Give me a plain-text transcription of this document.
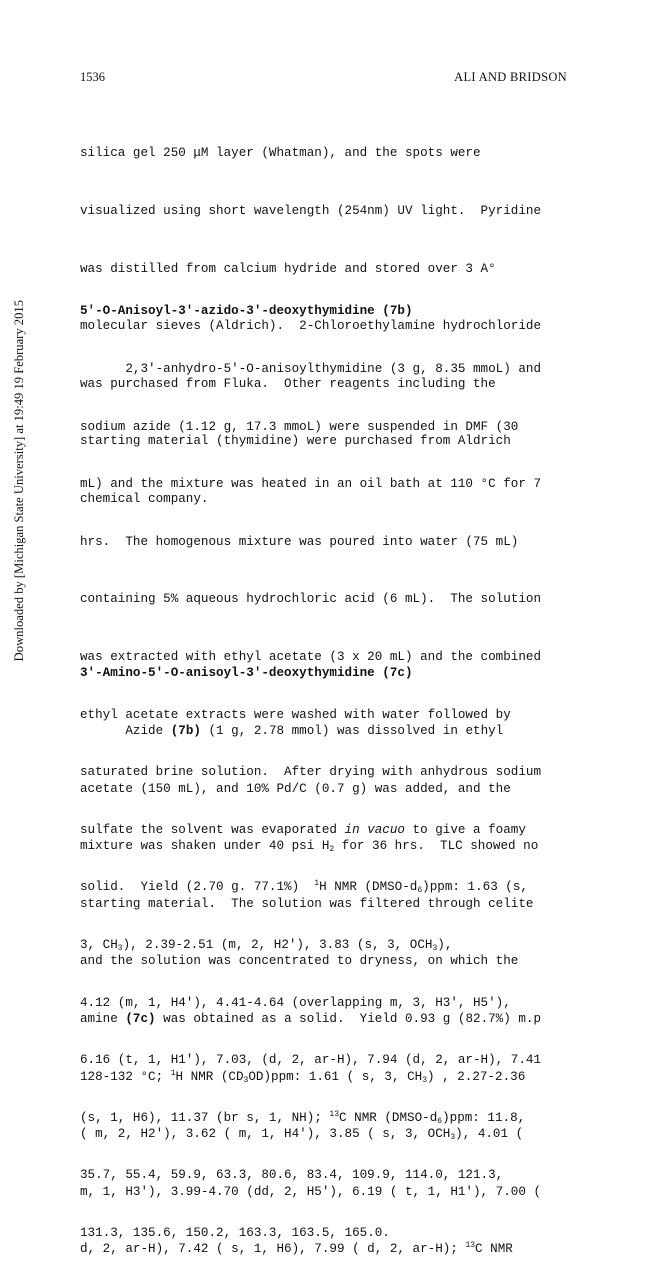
1536	ALI AND BRIDSON
Downloaded by [Michigan State University] at 19:49 19 February 2015

silica gel 250 μM layer (Whatman), and the spots were

visualized using short wavelength (254nm) UV light.  Pyridine

was distilled from calcium hydride and stored over 3 A°

molecular sieves (Aldrich).  2-Chloroethylamine hydrochloride

was purchased from Fluka.  Other reagents including the

starting material (thymidine) were purchased from Aldrich

chemical company.

5'-O-Anisoyl-3'-azido-3'-deoxythymidine (7b)

2,3'-anhydro-5'-O-anisoylthymidine (3 g, 8.35 mmoL) and

sodium azide (1.12 g, 17.3 mmoL) were suspended in DMF (30

mL) and the mixture was heated in an oil bath at 110 °C for 7

hrs.  The homogenous mixture was poured into water (75 mL)

containing 5% aqueous hydrochloric acid (6 mL).  The solution

was extracted with ethyl acetate (3 x 20 mL) and the combined

ethyl acetate extracts were washed with water followed by

saturated brine solution.  After drying with anhydrous sodium

sulfate the solvent was evaporated in vacuo to give a foamy

solid.  Yield (2.70 g. 77.1%)  $^1$H NMR $(DMSO-d_6)ppm$: 1.63 (s,

3, $CH_3$), 2.39-2.51 (m, 2, H2'), 3.83 (s, 3, $OCH_3$),

4.12 (m, 1, H4'), 4.41-4.64 (overlapping m, 3, H3', H5'),

6.16 (t, 1, H1'), 7.03, (d, 2, ar-H), 7.94 (d, 2, ar-H), 7.41

(s, 1, H6), 11.37 (br s, 1, NH); $^{13}$C NMR $(DMSO-d_6)ppm$: 11.8,

35.7, 55.4, 59.9, 63.3, 80.6, 83.4, 109.9, 114.0, 121.3,

131.3, 135.6, 150.2, 163.3, 163.5, 165.0.

3'-Amino-5'-O-anisoyl-3'-deoxythymidine (7c)

Azide (7b) (1 g, 2.78 mmol) was dissolved in ethyl

acetate (150 mL), and 10% Pd/C (0.7 g) was added, and the

mixture was shaken under 40 psi $H_2$ for 36 hrs.  TLC showed no

starting material.  The solution was filtered through celite

and the solution was concentrated to dryness, on which the

amine (7c) was obtained as a solid.  Yield 0.93 g (82.7%) m.p

128-132 °C; $^1$H NMR $(CD_3OD)ppm$: 1.61 ( s, 3, $CH_3$) , 2.27-2.36

( m, 2, H2'), 3.62 ( m, 1, H4'), 3.85 ( s, 3, $OCH_3$), 4.01 (

m, 1, H3'), 3.99-4.70 (dd, 2, H5'), 6.19 ( t, 1, H1'), 7.00 (

d, 2, ar-H), 7.42 ( s, 1, H6), 7.99 ( d, 2, ar-H); $^{13}$C NMR
